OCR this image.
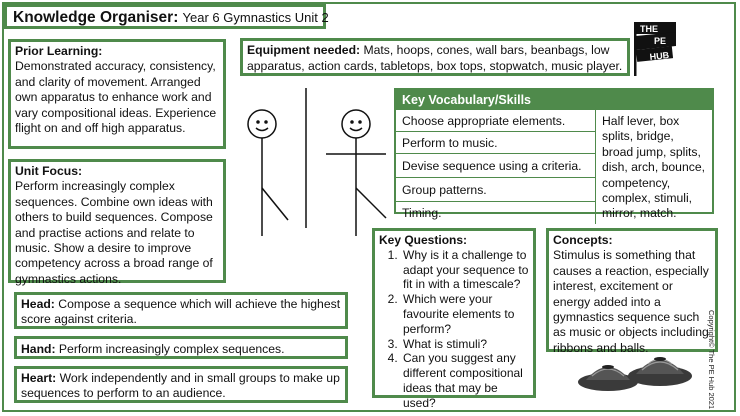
Knowledge Organiser: Year 6 Gymnastics Unit 2
THE
PE
HUB
Prior Learning:
Demonstrated accuracy, consistency, and clarity of movement. Arranged own apparatus to enhance work and vary compositional ideas. Experience flight on and off high apparatus.
Equipment needed: Mats, hoops, cones, wall bars, beanbags, low apparatus, action cards, tabletops, box tops, stopwatch, music player.
Unit Focus:
Perform increasingly complex sequences. Combine own ideas with others to build sequences. Compose and practise actions and relate to music. Show a desire to improve competency across a broad range of gymnastics actions.
Key Vocabulary/Skills
Choose appropriate elements.
Perform to music.
Devise sequence using a criteria.
Group patterns.
Timing.
Half lever, box splits, bridge, broad jump, splits, dish, arch, bounce, competency, complex, stimuli, mirror, match.
Key Questions:
1. Why is it a challenge to adapt your sequence to fit in with a timescale?
2. Which were your favourite elements to perform?
3. What is stimuli?
4. Can you suggest any different compositional ideas that may be used?
Concepts:
Stimulus is something that causes a reaction, especially interest, excitement or energy added into a gymnastics sequence such as music or objects including ribbons and balls.
Head: Compose a sequence which will achieve the highest score against criteria.
Hand: Perform increasingly complex sequences.
Heart: Work independently and in small groups to make up sequences to perform to an audience.	Copyright© The PE Hub 2021
